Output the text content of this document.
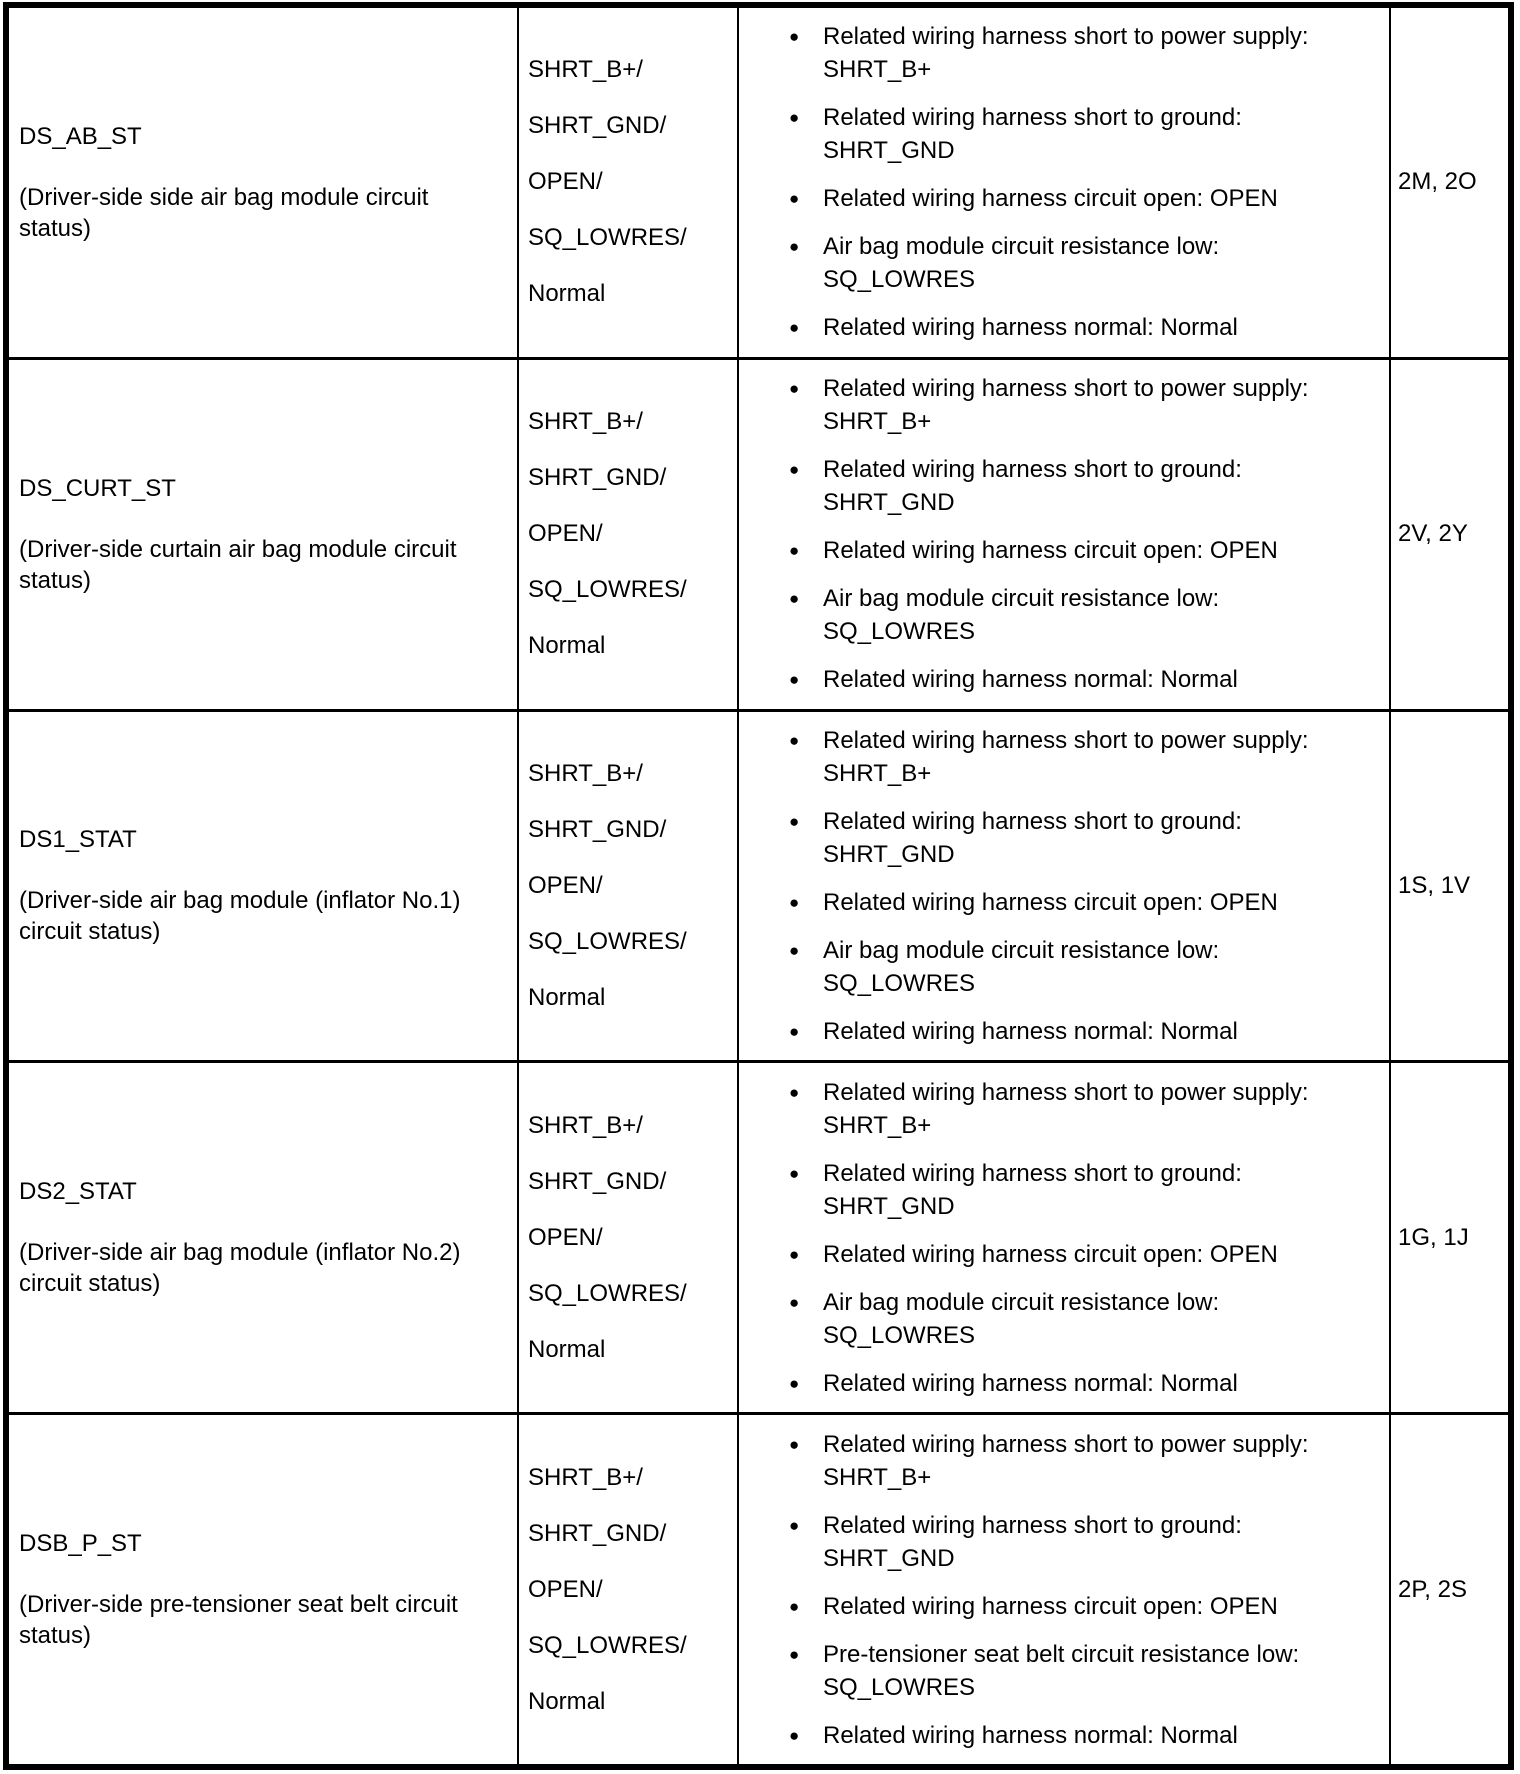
DS_AB_ST
(Driver-side side air bag module circuit status)
SHRT_B+/
SHRT_GND/
OPEN/
SQ_LOWRES/
Normal
● Related wiring harness short to power supply:
SHRT_B+
● Related wiring harness short to ground:
SHRT_GND
● Related wiring harness circuit open: OPEN
● Air bag module circuit resistance low:
SQ_LOWRES
● Related wiring harness normal: Normal
2M, 2O
DS_CURT_ST
(Driver-side curtain air bag module circuit status)
SHRT_B+/
SHRT_GND/
OPEN/
SQ_LOWRES/
Normal
● Related wiring harness short to power supply:
SHRT_B+
● Related wiring harness short to ground:
SHRT_GND
● Related wiring harness circuit open: OPEN
● Air bag module circuit resistance low:
SQ_LOWRES
● Related wiring harness normal: Normal
2V, 2Y
DS1_STAT
(Driver-side air bag module (inflator No.1) circuit status)
SHRT_B+/
SHRT_GND/
OPEN/
SQ_LOWRES/
Normal
● Related wiring harness short to power supply:
SHRT_B+
● Related wiring harness short to ground:
SHRT_GND
● Related wiring harness circuit open: OPEN
● Air bag module circuit resistance low:
SQ_LOWRES
● Related wiring harness normal: Normal
1S, 1V
DS2_STAT
(Driver-side air bag module (inflator No.2) circuit status)
SHRT_B+/
SHRT_GND/
OPEN/
SQ_LOWRES/
Normal
● Related wiring harness short to power supply:
SHRT_B+
● Related wiring harness short to ground:
SHRT_GND
● Related wiring harness circuit open: OPEN
● Air bag module circuit resistance low:
SQ_LOWRES
● Related wiring harness normal: Normal
1G, 1J
DSB_P_ST
(Driver-side pre-tensioner seat belt circuit status)
SHRT_B+/
SHRT_GND/
OPEN/
SQ_LOWRES/
Normal
● Related wiring harness short to power supply:
SHRT_B+
● Related wiring harness short to ground:
SHRT_GND
● Related wiring harness circuit open: OPEN
● Pre-tensioner seat belt circuit resistance low:
SQ_LOWRES
● Related wiring harness normal: Normal
2P, 2S
